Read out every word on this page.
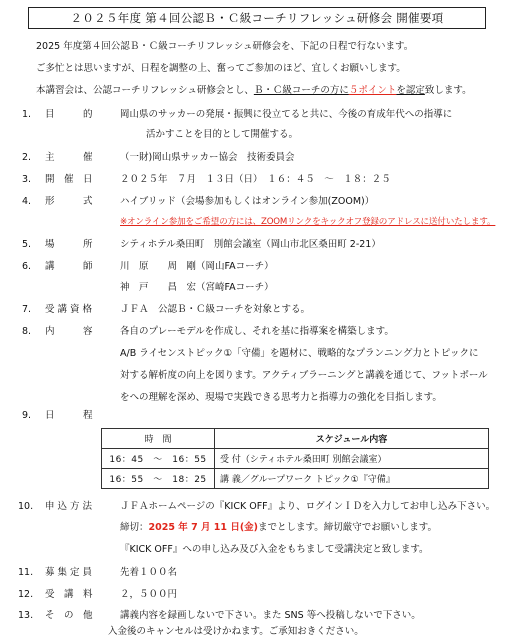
２０２５年度 第４回公認Ｂ・Ｃ級コーチリフレッシュ研修会 開催要項
2025 年度第４回公認Ｂ・Ｃ級コーチリフレッシュ研修会を、下記の日程で行ないます。
ご多忙とは思いますが、日程を調整の上、奮ってご参加のほど、宜しくお願いします。
本講習会は、公認コーチリフレッシュ研修会とし、Ｂ・Ｃ級コーチの方に５ポイントを認定致します。
1. 目　　　的	岡山県のサッカーの発展・振興に役立てると共に、今後の育成年代への指導に
活かすことを目的として開催する。
2. 主　　　催	（一財)岡山県サッカー協会　技術委員会
3. 開　催　日	２０２５年　７月　１３日（日）　１６：４５　～　１８：２５
4. 形　　　式	ハイブリッド（会場参加もしくはオンライン参加(ZOOM)）
※オンライン参加をご希望の方には、ZOOMリンクをキックオフ登録のアドレスに送付いたします。
5. 場　　　所	シティホテル桑田町　別館会議室（岡山市北区桑田町 2-21）
6. 講　　　師	川　原　　周　剛（岡山FAコーチ）
神　戸　　昌　宏（宮崎FAコーチ）
7. 受 講 資 格	ＪＦＡ　公認Ｂ・Ｃ級コーチを対象とする。
8. 内　　　容	各自のプレーモデルを作成し、それを基に指導案を構築します。
A/B ライセンストピック①「守備」を題材に、戦略的なプランニング力とトピックに
対する解析度の向上を図ります。アクティブラーニングと講義を通じて、フットボール
をへの理解を深め、現場で実践できる思考力と指導力の強化を目指します。
9. 日　　　程
時　間	スケジュール内容
16：45　～　16：55	受 付（シティホテル桑田町 別館会議室）
16：55　～　18：25	講 義／グループワーク トピック①『守備』
10. 申 込 方 法	ＪＦＡホームページの『KICK OFF』より、ログインＩＤを入力してお申し込み下さい。
締切：2025 年 7 月 11 日(金)までとします。締切厳守でお願いします。
『KICK OFF』への申し込み及び入金をもちまして受講決定と致します。
11. 募 集 定 員	先着１００名
12. 受　講　料	２，５００円
13. そ　の　他	講義内容を録画しないで下さい。また SNS 等へ投稿しないで下さい。
入金後のキャンセルは受けかねます。ご承知おきください。
